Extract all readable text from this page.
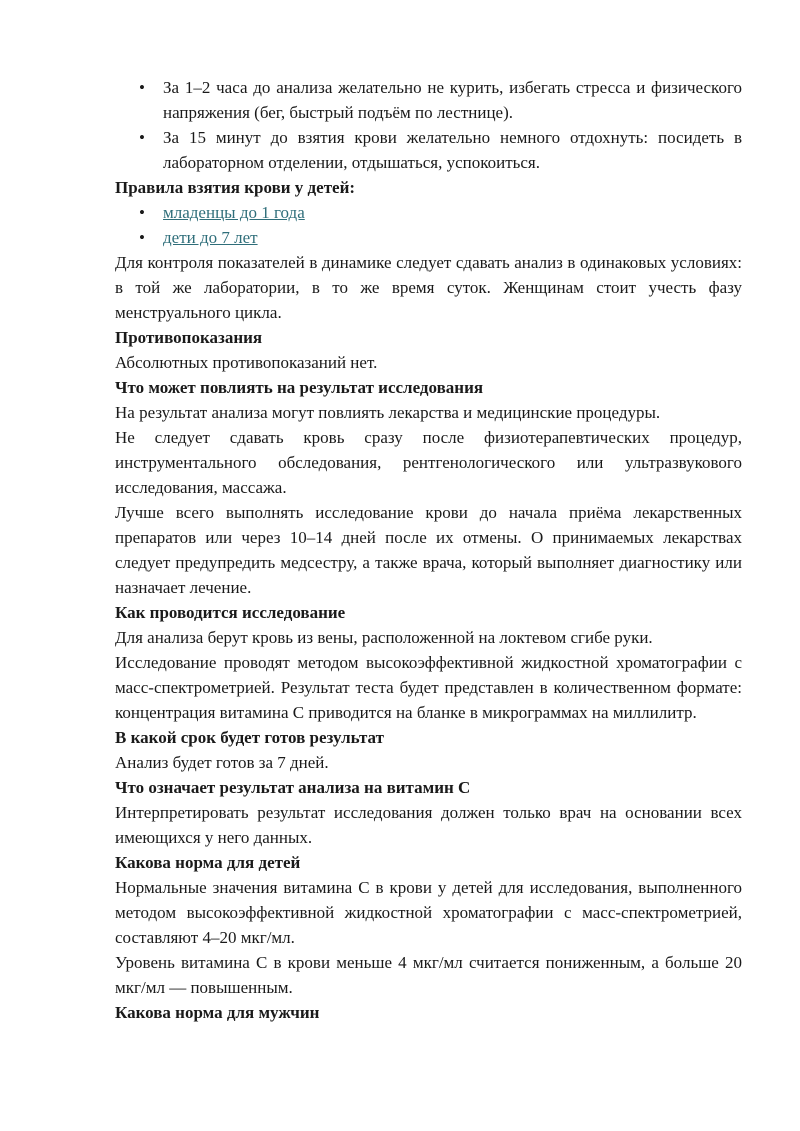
• За 1–2 часа до анализа желательно не курить, избегать стресса и физического напряжения (бег, быстрый подъём по лестнице).

• За 15 минут до взятия крови желательно немного отдохнуть: посидеть в лабораторном отделении, отдышаться, успокоиться.

Правила взятия крови у детей:

• младенцы до 1 года

• дети до 7 лет

Для контроля показателей в динамике следует сдавать анализ в одинаковых условиях: в той же лаборатории, в то же время суток. Женщинам стоит учесть фазу менструального цикла.

Противопоказания

Абсолютных противопоказаний нет.

Что может повлиять на результат исследования

На результат анализа могут повлиять лекарства и медицинские процедуры.

Не следует сдавать кровь сразу после физиотерапевтических процедур, инструментального обследования, рентгенологического или ультразвукового исследования, массажа.

Лучше всего выполнять исследование крови до начала приёма лекарственных препаратов или через 10–14 дней после их отмены. О принимаемых лекарствах следует предупредить медсестру, а также врача, который выполняет диагностику или назначает лечение.

Как проводится исследование

Для анализа берут кровь из вены, расположенной на локтевом сгибе руки.

Исследование проводят методом высокоэффективной жидкостной хроматографии с масс-спектрометрией. Результат теста будет представлен в количественном формате: концентрация витамина C приводится на бланке в микрограммах на миллилитр.

В какой срок будет готов результат

Анализ будет готов за 7 дней.

Что означает результат анализа на витамин С

Интерпретировать результат исследования должен только врач на основании всех имеющихся у него данных.

Какова норма для детей

Нормальные значения витамина C в крови у детей для исследования, выполненного методом высокоэффективной жидкостной хроматографии с масс-спектрометрией, составляют 4–20 мкг/мл.

Уровень витамина C в крови меньше 4 мкг/мл считается пониженным, а больше 20 мкг/мл — повышенным.

Какова норма для мужчин
